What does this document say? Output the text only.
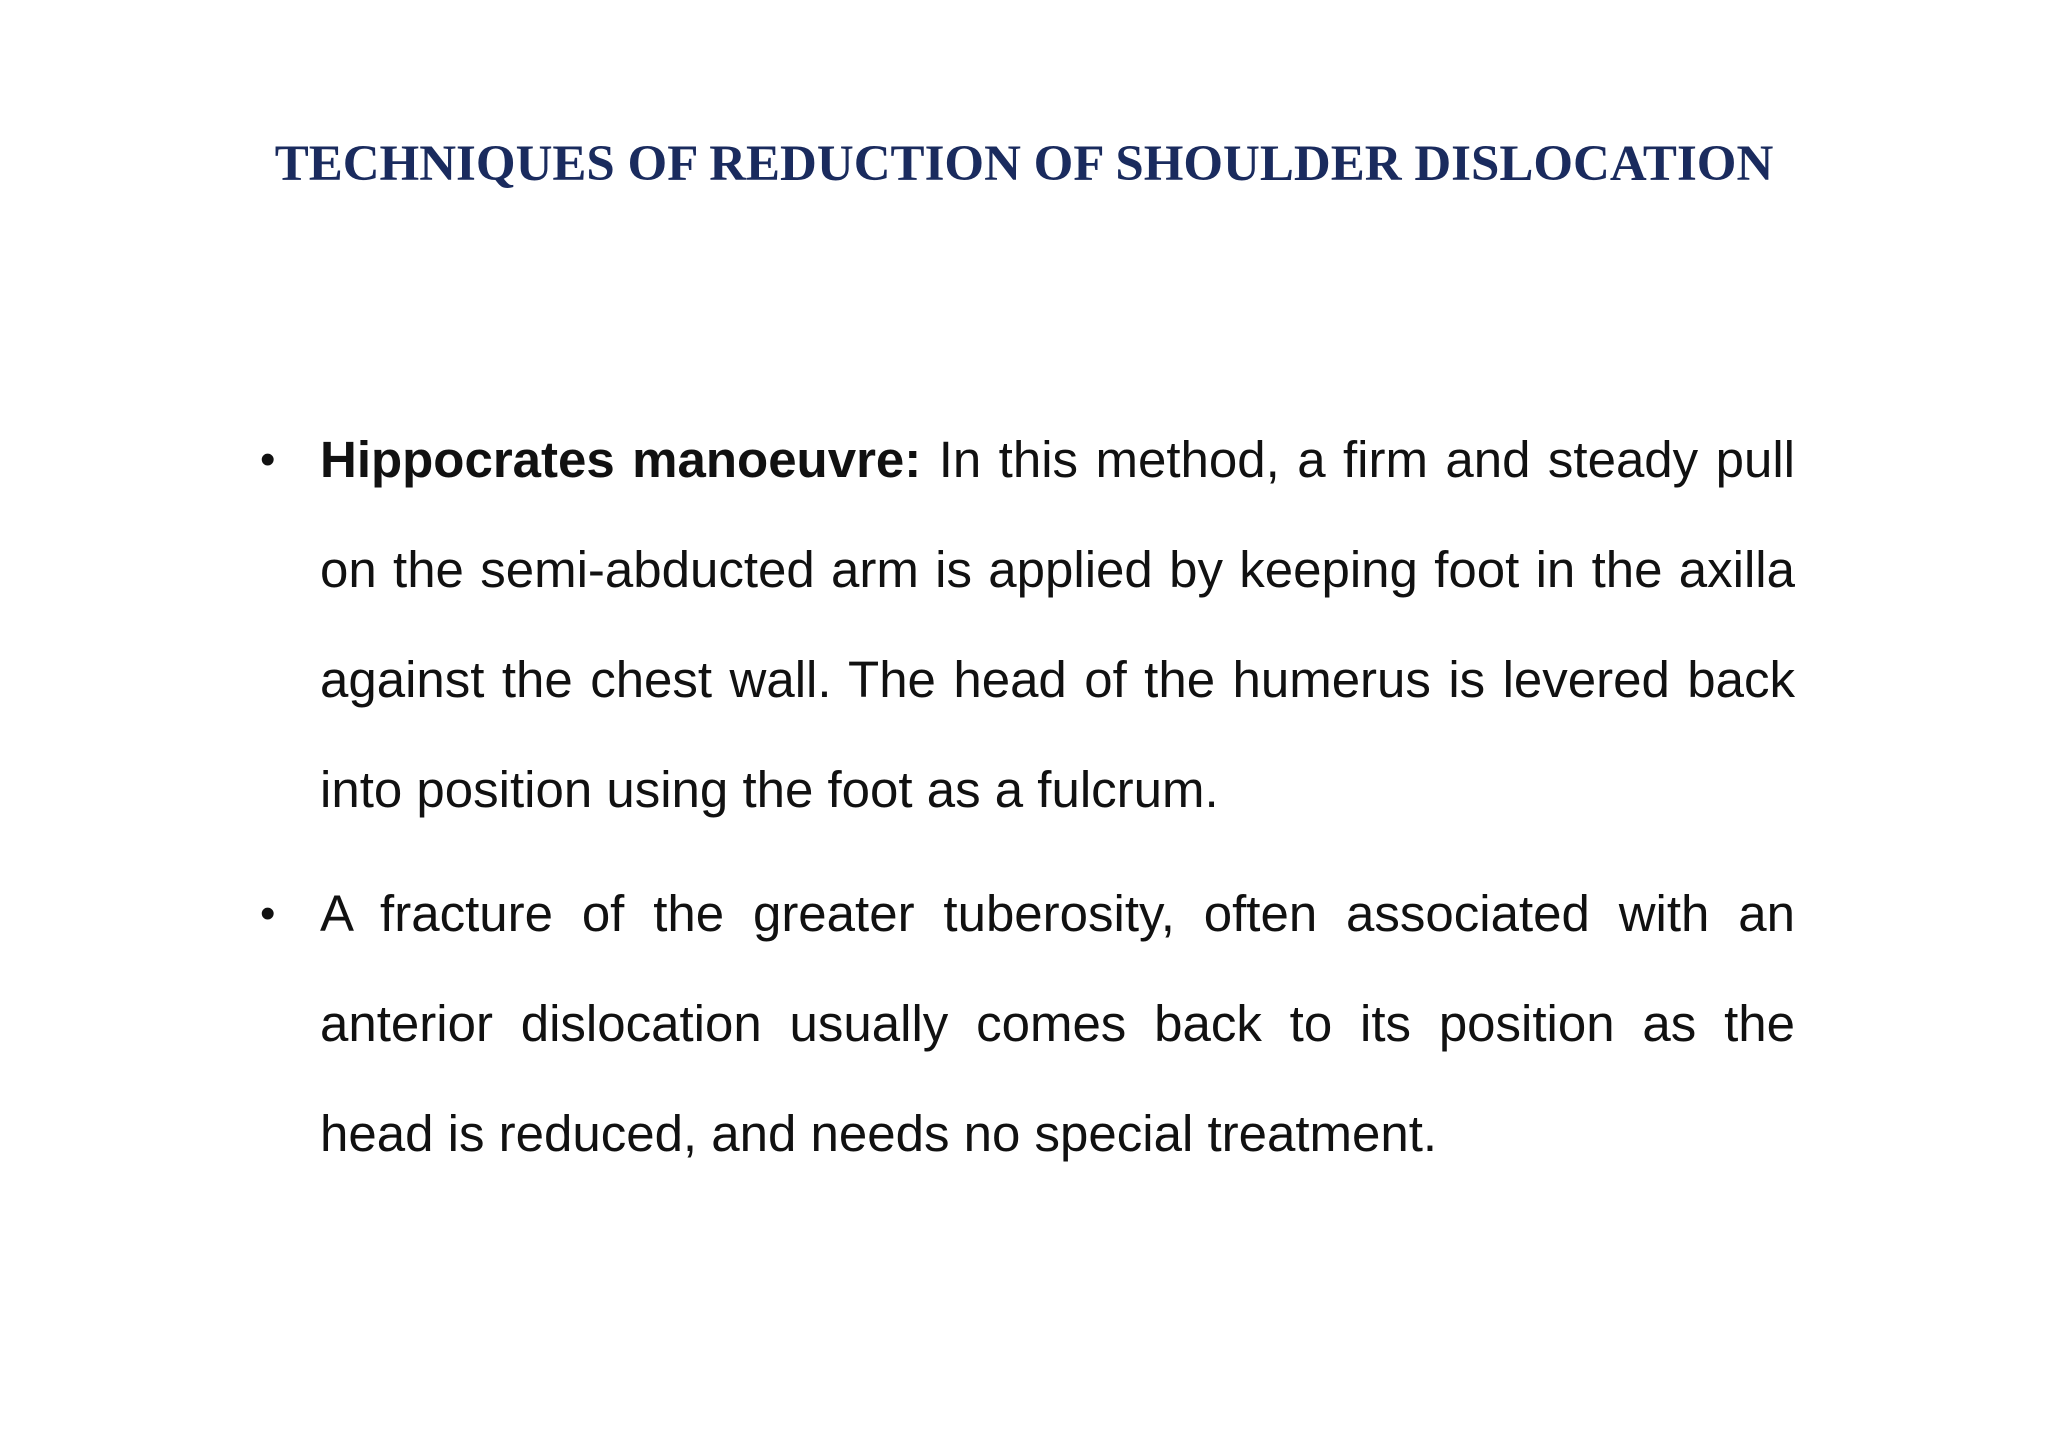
TECHNIQUES OF REDUCTION OF SHOULDER DISLOCATION
• Hippocrates manoeuvre: In this method, a firm and steady pull on the semi-abducted arm is applied by keeping foot in the axilla against the chest wall. The head of the humerus is levered back into position using the foot as a fulcrum.
• A fracture of the greater tuberosity, often associated with an anterior dislocation usually comes back to its position as the head is reduced, and needs no special treatment.
